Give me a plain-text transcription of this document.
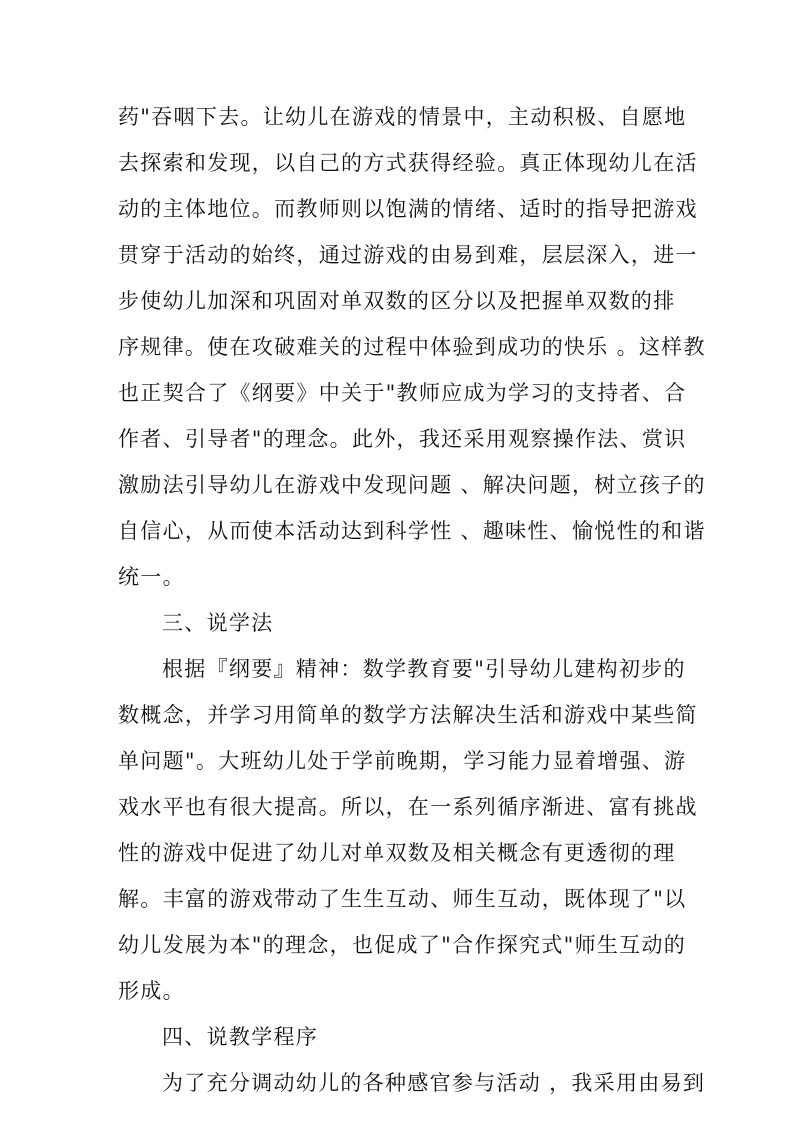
药"吞咽下去。让幼儿在游戏的情景中，主动积极、自愿地
去探索和发现，以自己的方式获得经验。真正体现幼儿在活
动的主体地位。而教师则以饱满的情绪、适时的指导把游戏
贯穿于活动的始终，通过游戏的由易到难，层层深入，进一
步使幼儿加深和巩固对单双数的区分以及把握单双数的排
序规律。使在攻破难关的过程中体验到成功的快乐 。这样教
也正契合了《纲要》中关于"教师应成为学习的支持者、合
作者、引导者"的理念。此外，我还采用观察操作法、赏识
激励法引导幼儿在游戏中发现问题 、解决问题，树立孩子的
自信心，从而使本活动达到科学性 、趣味性、愉悦性的和谐
统一。
三、说学法
根据『纲要』精神：数学教育要"引导幼儿建构初步的
数概念，并学习用简单的数学方法解决生活和游戏中某些简
单问题"。大班幼儿处于学前晚期，学习能力显着增强、游
戏水平也有很大提高。所以，在一系列循序渐进、富有挑战
性的游戏中促进了幼儿对单双数及相关概念有更透彻的理
解。丰富的游戏带动了生生互动、师生互动，既体现了"以
幼儿发展为本"的理念，也促成了"合作探究式"师生互动的
形成。
四、说教学程序
为了充分调动幼儿的各种感官参与活动 ，我采用由易到
